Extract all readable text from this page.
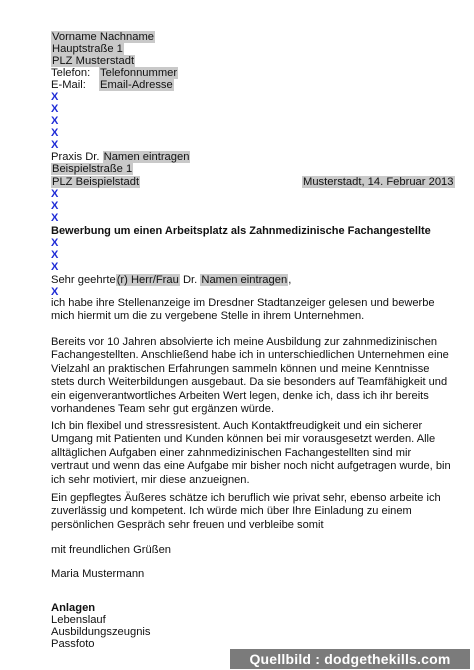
Vorname Nachname
Hauptstraße 1
PLZ Musterstadt
Telefon: Telefonnummer
E-Mail: Email-Adresse
X
X
X
X
X
Praxis Dr. Namen eintragen
Beispielstraße 1
PLZ Beispielstadt	Musterstadt, 14. Februar 2013
X
X
X
Bewerbung um einen Arbeitsplatz als Zahnmedizinische Fachangestellte
X
X
X
Sehr geehrte(r) Herr/Frau Dr. Namen eintragen,
X
ich habe ihre Stellenanzeige im Dresdner Stadtanzeiger gelesen und bewerbe mich hiermit um die zu vergebene Stelle in ihrem Unternehmen.
Bereits vor 10 Jahren absolvierte ich meine Ausbildung zur zahnmedizinischen Fachangestellten. Anschließend habe ich in unterschiedlichen Unternehmen eine Vielzahl an praktischen Erfahrungen sammeln können und meine Kenntnisse stets durch Weiterbildungen ausgebaut. Da sie besonders auf Teamfähigkeit und ein eigenverantwortliches Arbeiten Wert legen, denke ich, dass ich ihr bereits vorhandenes Team sehr gut ergänzen würde.
Ich bin flexibel und stressresistent. Auch Kontaktfreudigkeit und ein sicherer Umgang mit Patienten und Kunden können bei mir vorausgesetzt werden. Alle alltäglichen Aufgaben einer zahnmedizinischen Fachangestellten sind mir vertraut und wenn das eine Aufgabe mir bisher noch nicht aufgetragen wurde, bin ich sehr motiviert, mir diese anzueignen.
Ein gepflegtes Äußeres schätze ich beruflich wie privat sehr, ebenso arbeite ich zuverlässig und kompetent. Ich würde mich über Ihre Einladung zu einem persönlichen Gespräch sehr freuen und verbleibe somit
mit freundlichen Grüßen
Maria Mustermann
Anlagen
Lebenslauf
Ausbildungszeugnis
Passfoto
Quellbild : dodgethekills.com
